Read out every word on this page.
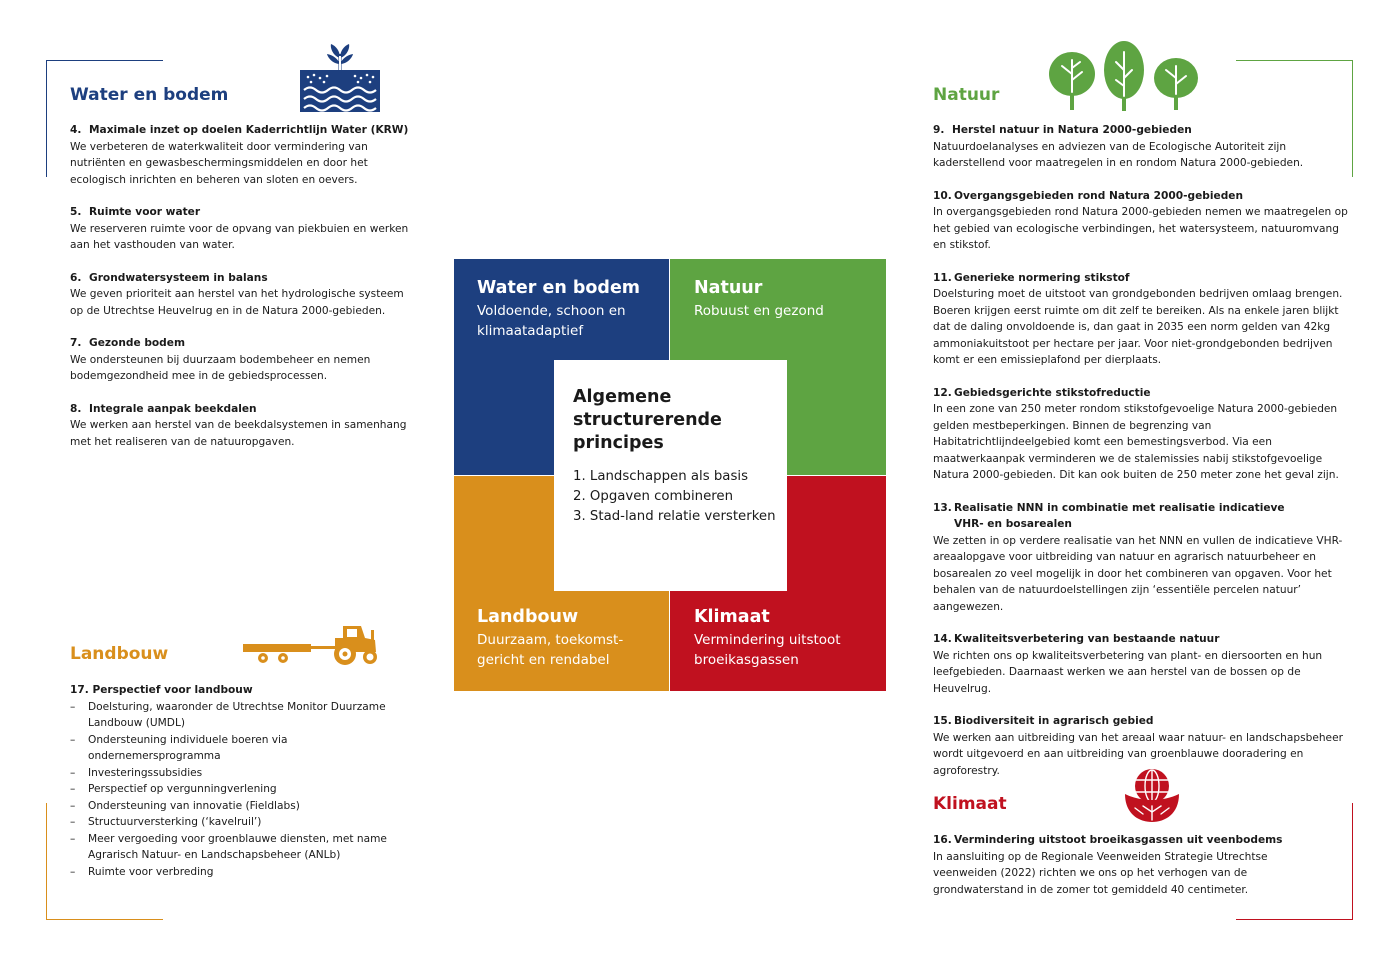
Water en bodem
4. Maximale inzet op doelen Kaderrichtlijn Water (KRW)
We verbeteren de waterkwaliteit door vermindering van nutriënten en gewasbeschermingsmiddelen en door het ecologisch inrichten en beheren van sloten en oevers.
5. Ruimte voor water
We reserveren ruimte voor de opvang van piekbuien en werken aan het vasthouden van water.
6. Grondwatersysteem in balans
We geven prioriteit aan herstel van het hydrologische systeem op de Utrechtse Heuvelrug en in de Natura 2000-gebieden.
7. Gezonde bodem
We ondersteunen bij duurzaam bodembeheer en nemen bodemgezondheid mee in de gebiedsprocessen.
8. Integrale aanpak beekdalen
We werken aan herstel van de beekdalsystemen in samenhang met het realiseren van de natuuropgaven.
Landbouw
17. Perspectief voor landbouw
– Doelsturing, waaronder de Utrechtse Monitor Duurzame Landbouw (UMDL)
– Ondersteuning individuele boeren via ondernemersprogramma
– Investeringssubsidies
– Perspectief op vergunningverlening
– Ondersteuning van innovatie (Fieldlabs)
– Structuurversterking (‘kavelruil’)
– Meer vergoeding voor groenblauwe diensten, met name Agrarisch Natuur- en Landschapsbeheer (ANLb)
– Ruimte voor verbreding
Water en bodem

Voldoende, schoon en klimaatadaptief

Natuur

Robuust en gezond

Landbouw

Duurzaam, toekomstgericht en rendabel

Klimaat

Vermindering uitstoot broeikasgassen

Algemene structurerende principes
1. Landschappen als basis
2. Opgaven combineren
3. Stad-land relatie versterken
Natuur
9. Herstel natuur in Natura 2000-gebieden
Natuurdoelanalyses en adviezen van de Ecologische Autoriteit zijn kaderstellend voor maatregelen in en rondom Natura 2000-gebieden.
10. Overgangsgebieden rond Natura 2000-gebieden
In overgangsgebieden rond Natura 2000-gebieden nemen we maatregelen op het gebied van ecologische verbindingen, het watersysteem, natuuromvang en stikstof.
11. Generieke normering stikstof
Doelsturing moet de uitstoot van grondgebonden bedrijven omlaag brengen. Boeren krijgen eerst ruimte om dit zelf te bereiken. Als na enkele jaren blijkt dat de daling onvoldoende is, dan gaat in 2035 een norm gelden van 42kg ammoniakuitstoot per hectare per jaar. Voor niet-grondgebonden bedrijven komt er een emissieplafond per dierplaats.
12. Gebiedsgerichte stikstofreductie
In een zone van 250 meter rondom stikstofgevoelige Natura 2000-gebieden gelden mestbeperkingen. Binnen de begrenzing van Habitatrichtlijndeelgebied komt een bemestingsverbod. Via een maatwerkaanpak verminderen we de stalemissies nabij stikstofgevoelige Natura 2000-gebieden. Dit kan ook buiten de 250 meter zone het geval zijn.
13. Realisatie NNN in combinatie met realisatie indicatieve VHR- en bosarealen
We zetten in op verdere realisatie van het NNN en vullen de indicatieve VHR-areaalopgave voor uitbreiding van natuur en agrarisch natuurbeheer en bosarealen zo veel mogelijk in door het combineren van opgaven. Voor het behalen van de natuurdoelstellingen zijn ‘essentiële percelen natuur’ aangewezen.
14. Kwaliteitsverbetering van bestaande natuur
We richten ons op kwaliteitsverbetering van plant- en diersoorten en hun leefgebieden. Daarnaast werken we aan herstel van de bossen op de Heuvelrug.
15. Biodiversiteit in agrarisch gebied
We werken aan uitbreiding van het areaal waar natuur- en landschapsbeheer wordt uitgevoerd en aan uitbreiding van groenblauwe dooradering en agroforestry.
Klimaat
16. Vermindering uitstoot broeikasgassen uit veenbodems
In aansluiting op de Regionale Veenweiden Strategie Utrechtse veenweiden (2022) richten we ons op het verhogen van de grondwaterstand in de zomer tot gemiddeld 40 centimeter.
